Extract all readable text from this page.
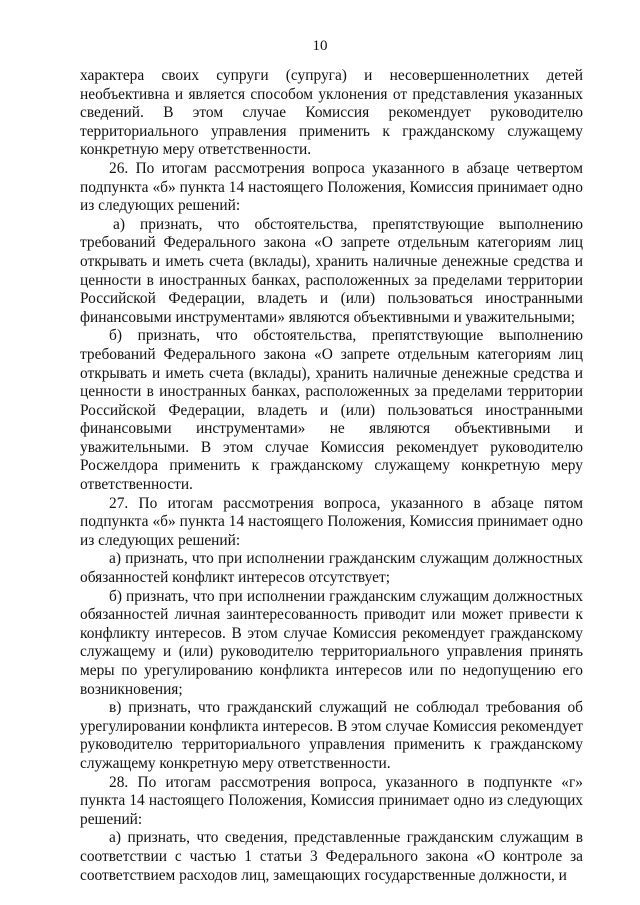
10

характера своих супруги (супруга) и несовершеннолетних детей необъективна и является способом уклонения от представления указанных сведений. В этом случае Комиссия рекомендует руководителю территориального управления применить к гражданскому служащему конкретную меру ответственности.

26. По итогам рассмотрения вопроса указанного в абзаце четвертом подпункта «б» пункта 14 настоящего Положения, Комиссия принимает одно из следующих решений:

а) признать, что обстоятельства, препятствующие выполнению требований Федерального закона «О запрете отдельным категориям лиц открывать и иметь счета (вклады), хранить наличные денежные средства и ценности в иностранных банках, расположенных за пределами территории Российской Федерации, владеть и (или) пользоваться иностранными финансовыми инструментами» являются объективными и уважительными;

б) признать, что обстоятельства, препятствующие выполнению требований Федерального закона «О запрете отдельным категориям лиц открывать и иметь счета (вклады), хранить наличные денежные средства и ценности в иностранных банках, расположенных за пределами территории Российской Федерации, владеть и (или) пользоваться иностранными финансовыми инструментами» не являются объективными и уважительными. В этом случае Комиссия рекомендует руководителю Росжелдора применить к гражданскому служащему конкретную меру ответственности.

27. По итогам рассмотрения вопроса, указанного в абзаце пятом подпункта «б» пункта 14 настоящего Положения, Комиссия принимает одно из следующих решений:

а) признать, что при исполнении гражданским служащим должностных обязанностей конфликт интересов отсутствует;

б) признать, что при исполнении гражданским служащим должностных обязанностей личная заинтересованность приводит или может привести к конфликту интересов. В этом случае Комиссия рекомендует гражданскому служащему и (или) руководителю территориального управления принять меры по урегулированию конфликта интересов или по недопущению его возникновения;

в) признать, что гражданский служащий не соблюдал требования об урегулировании конфликта интересов. В этом случае Комиссия рекомендует руководителю территориального управления применить к гражданскому служащему конкретную меру ответственности.

28. По итогам рассмотрения вопроса, указанного в подпункте «г» пункта 14 настоящего Положения, Комиссия принимает одно из следующих решений:

а) признать, что сведения, представленные гражданским служащим в соответствии с частью 1 статьи 3 Федерального закона «О контроле за соответствием расходов лиц, замещающих государственные должности, и
